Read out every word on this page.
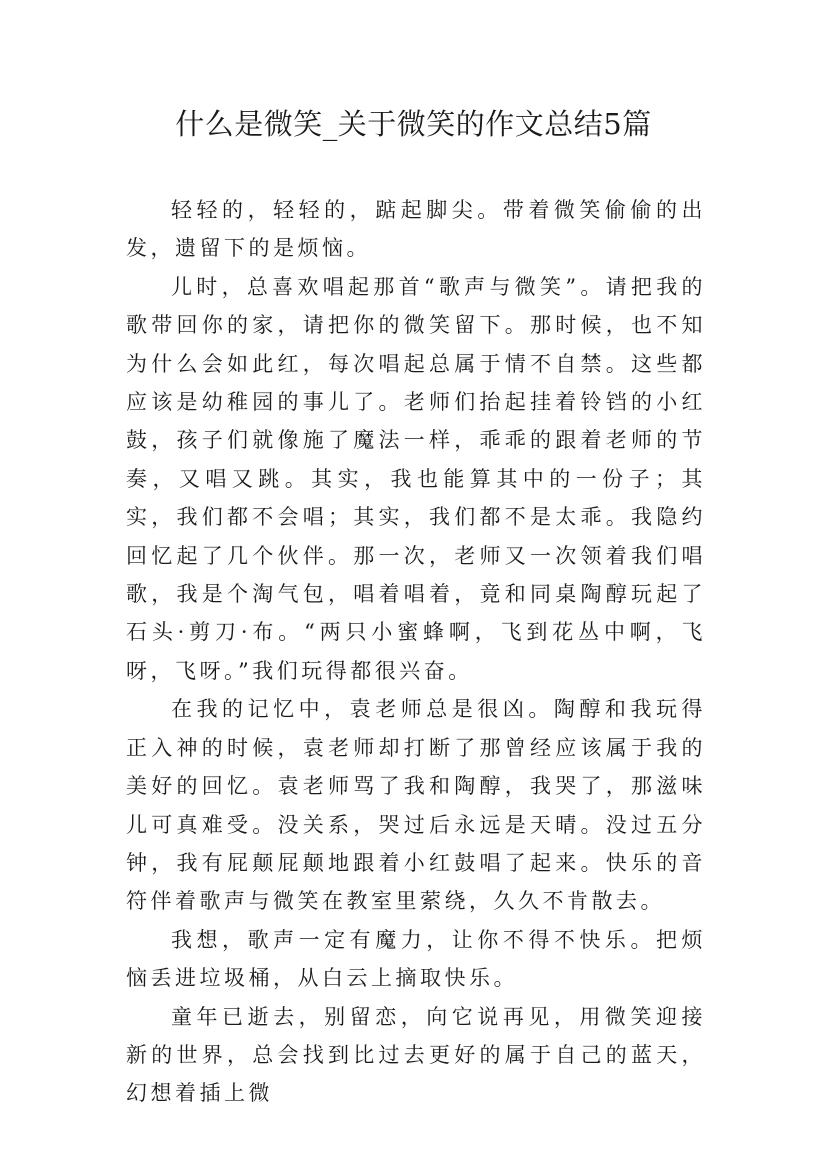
什么是微笑_关于微笑的作文总结5篇

轻轻的，轻轻的，踮起脚尖。带着微笑偷偷的出发，遗留下的是烦恼。

儿时，总喜欢唱起那首“歌声与微笑”。请把我的歌带回你的家，请把你的微笑留下。那时候，也不知为什么会如此红，每次唱起总属于情不自禁。这些都应该是幼稚园的事儿了。老师们抬起挂着铃铛的小红鼓，孩子们就像施了魔法一样，乖乖的跟着老师的节奏，又唱又跳。其实，我也能算其中的一份子；其实，我们都不会唱；其实，我们都不是太乖。我隐约回忆起了几个伙伴。那一次，老师又一次领着我们唱歌，我是个淘气包，唱着唱着，竟和同桌陶醇玩起了石头·剪刀·布。“两只小蜜蜂啊，飞到花丛中啊，飞呀，飞呀。”我们玩得都很兴奋。

在我的记忆中，袁老师总是很凶。陶醇和我玩得正入神的时候，袁老师却打断了那曾经应该属于我的美好的回忆。袁老师骂了我和陶醇，我哭了，那滋味儿可真难受。没关系，哭过后永远是天晴。没过五分钟，我有屁颠屁颠地跟着小红鼓唱了起来。快乐的音符伴着歌声与微笑在教室里萦绕，久久不肯散去。

我想，歌声一定有魔力，让你不得不快乐。把烦恼丢进垃圾桶，从白云上摘取快乐。

童年已逝去，别留恋，向它说再见，用微笑迎接新的世界，总会找到比过去更好的属于自己的蓝天，幻想着插上微
